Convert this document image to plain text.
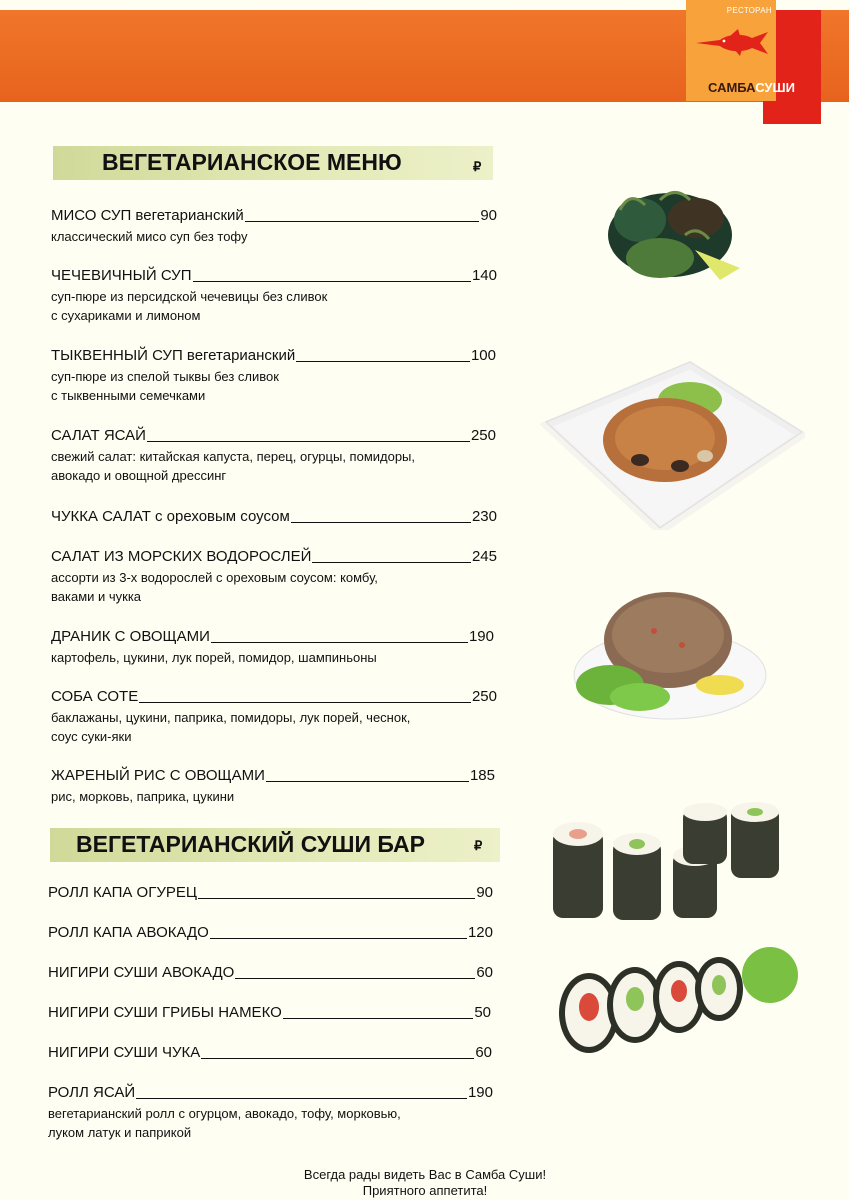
РЕСТОРАН
САМБАСУШИ
ВЕГЕТАРИАНСКОЕ МЕНЮ	₽
МИСО СУП вегетарианский	90
классический мисо суп без тофу
ЧЕЧЕВИЧНЫЙ СУП	140
суп-пюре из персидской чечевицы без сливок
с сухариками и лимоном
ТЫКВЕННЫЙ СУП вегетарианский	100
суп-пюре из спелой тыквы без сливок
с тыквенными семечками
САЛАТ ЯСАЙ	250
свежий салат: китайская капуста, перец, огурцы, помидоры,
авокадо и овощной дрессинг
ЧУККА САЛАТ с ореховым соусом	230
САЛАТ ИЗ МОРСКИХ ВОДОРОСЛЕЙ	245
ассорти из 3-х водорослей с ореховым соусом: комбу,
ваками и чукка
ДРАНИК С ОВОЩАМИ	190
картофель, цукини, лук порей, помидор, шампиньоны
СОБА СОТЕ	250
баклажаны, цукини, паприка, помидоры, лук порей, чеснок,
соус суки-яки
ЖАРЕНЫЙ РИС С ОВОЩАМИ	185
рис, морковь, паприка, цукини
ВЕГЕТАРИАНСКИЙ СУШИ БАР	₽
РОЛЛ КАПА ОГУРЕЦ	90
РОЛЛ КАПА АВОКАДО	120
НИГИРИ СУШИ АВОКАДО	60
НИГИРИ СУШИ ГРИБЫ НАМЕКО	50
НИГИРИ СУШИ ЧУКА	60
РОЛЛ ЯСАЙ	190
вегетарианский ролл с огурцом, авокадо, тофу, морковью,
луком латук и паприкой
Всегда рады видеть Вас в Самба Суши!
Приятного аппетита!
